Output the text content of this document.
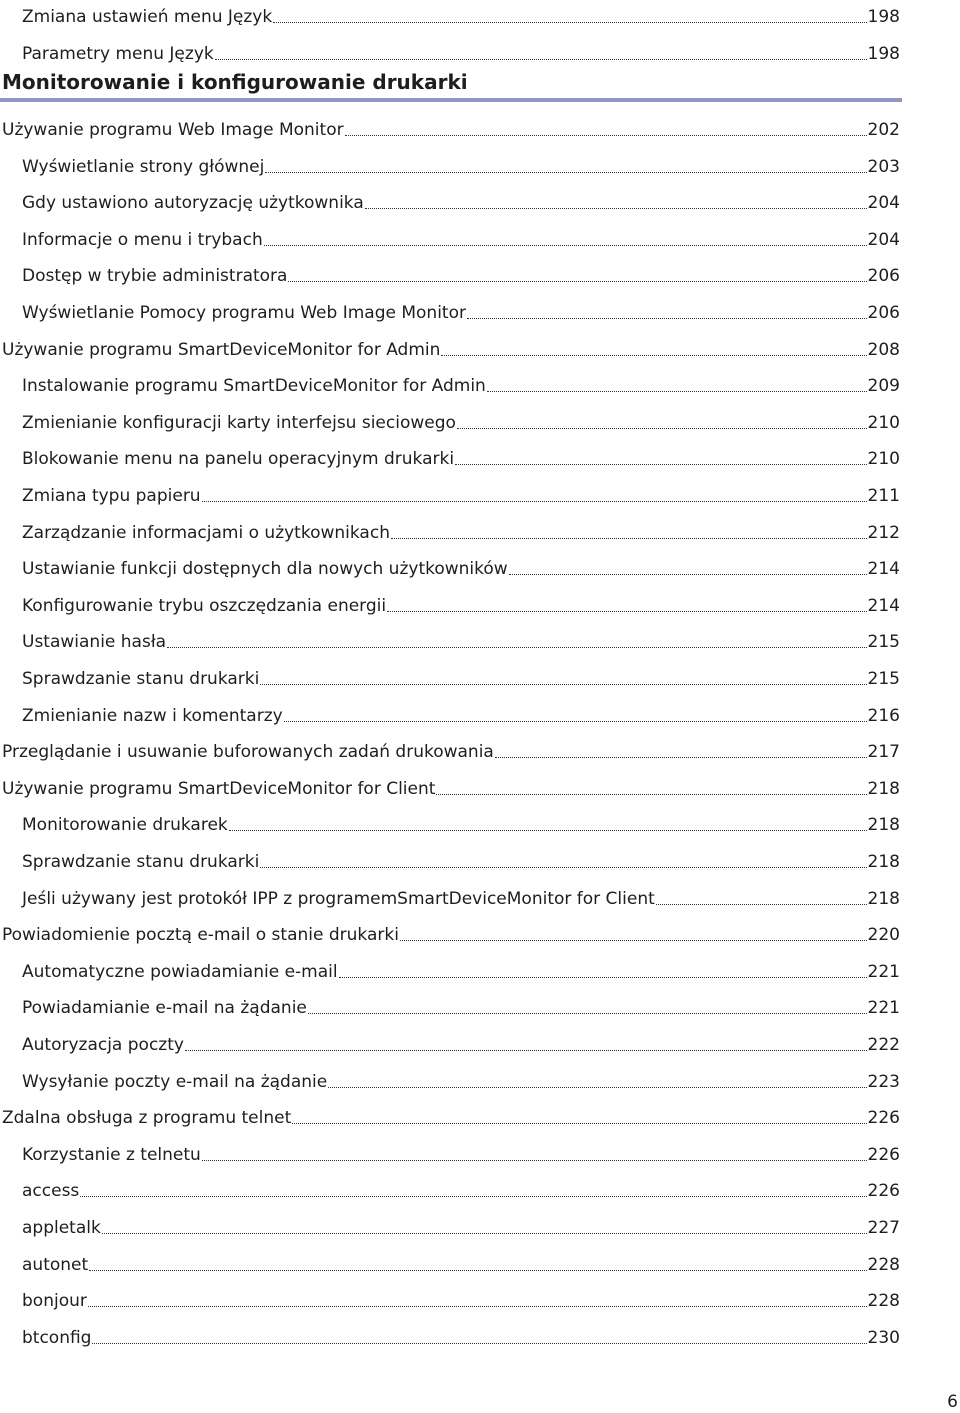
Zmiana ustawień menu Język	198
Parametry menu Język	198
Monitorowanie i konfigurowanie drukarki
Używanie programu Web Image Monitor	202
Wyświetlanie strony głównej	203
Gdy ustawiono autoryzację użytkownika	204
Informacje o menu i trybach	204
Dostęp w trybie administratora	206
Wyświetlanie Pomocy programu Web Image Monitor	206
Używanie programu SmartDeviceMonitor for Admin	208
Instalowanie programu SmartDeviceMonitor for Admin	209
Zmienianie konfiguracji karty interfejsu sieciowego	210
Blokowanie menu na panelu operacyjnym drukarki	210
Zmiana typu papieru	211
Zarządzanie informacjami o użytkownikach	212
Ustawianie funkcji dostępnych dla nowych użytkowników	214
Konfigurowanie trybu oszczędzania energii	214
Ustawianie hasła	215
Sprawdzanie stanu drukarki	215
Zmienianie nazw i komentarzy	216
Przeglądanie i usuwanie buforowanych zadań drukowania	217
Używanie programu SmartDeviceMonitor for Client	218
Monitorowanie drukarek	218
Sprawdzanie stanu drukarki	218
Jeśli używany jest protokół IPP z programemSmartDeviceMonitor for Client	218
Powiadomienie pocztą e-mail o stanie drukarki	220
Automatyczne powiadamianie e-mail	221
Powiadamianie e-mail na żądanie	221
Autoryzacja poczty	222
Wysyłanie poczty e-mail na żądanie	223
Zdalna obsługa z programu telnet	226
Korzystanie z telnetu	226
access	226
appletalk	227
autonet	228
bonjour	228
btconfig	230
6
